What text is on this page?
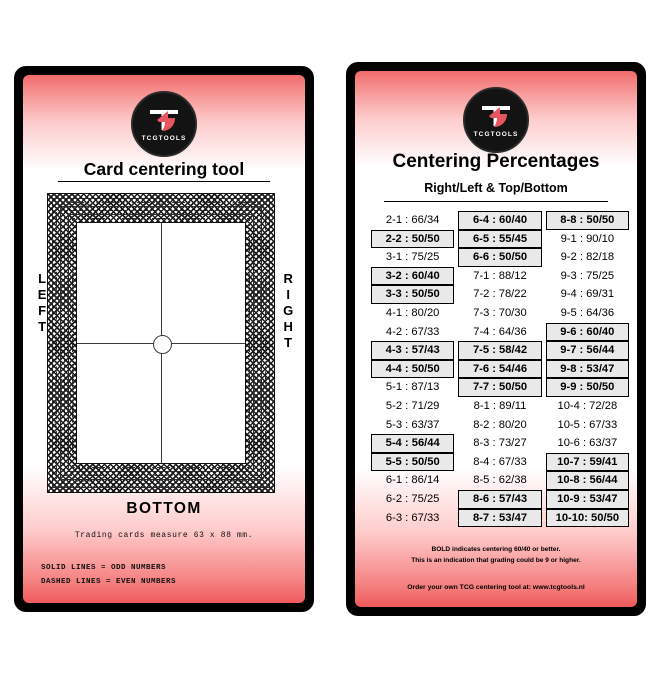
TCGTOOLS
Card centering tool
2 4 6 8 10	10 8 6 4 2
2 4 6 8 10	10 8 6 4 2
9 7 5 3 1
9 7 5 3 1
9 7 5 3 1
9 7 5 3 1
1
1
1	1
LEFT	RIGHT
BOTTOM
Trading cards measure 63 x 88 mm.
SOLID LINES = ODD NUMBERS
DASHED LINES = EVEN NUMBERS
TCGTOOLS
Centering Percentages
Right/Left & Top/Bottom
2-1 : 66/34	6-4 : 60/40	8-8 : 50/50
2-2 : 50/50	6-5 : 55/45	9-1 : 90/10
3-1 : 75/25	6-6 : 50/50	9-2 : 82/18
3-2 : 60/40	7-1 : 88/12	9-3 : 75/25
3-3 : 50/50	7-2 : 78/22	9-4 : 69/31
4-1 : 80/20	7-3 : 70/30	9-5 : 64/36
4-2 : 67/33	7-4 : 64/36	9-6 : 60/40
4-3 : 57/43	7-5 : 58/42	9-7 : 56/44
4-4 : 50/50	7-6 : 54/46	9-8 : 53/47
5-1 : 87/13	7-7 : 50/50	9-9 : 50/50
5-2 : 71/29	8-1 : 89/11	10-4 : 72/28
5-3 : 63/37	8-2 : 80/20	10-5 : 67/33
5-4 : 56/44	8-3 : 73/27	10-6 : 63/37
5-5 : 50/50	8-4 : 67/33	10-7 : 59/41
6-1 : 86/14	8-5 : 62/38	10-8 : 56/44
6-2 : 75/25	8-6 : 57/43	10-9 : 53/47
6-3 : 67/33	8-7 : 53/47	10-10: 50/50
BOLD indicates centering 60/40 or better.
This is an indication that grading could be 9 or higher.
Order your own TCG centering tool at: www.tcgtools.nl
